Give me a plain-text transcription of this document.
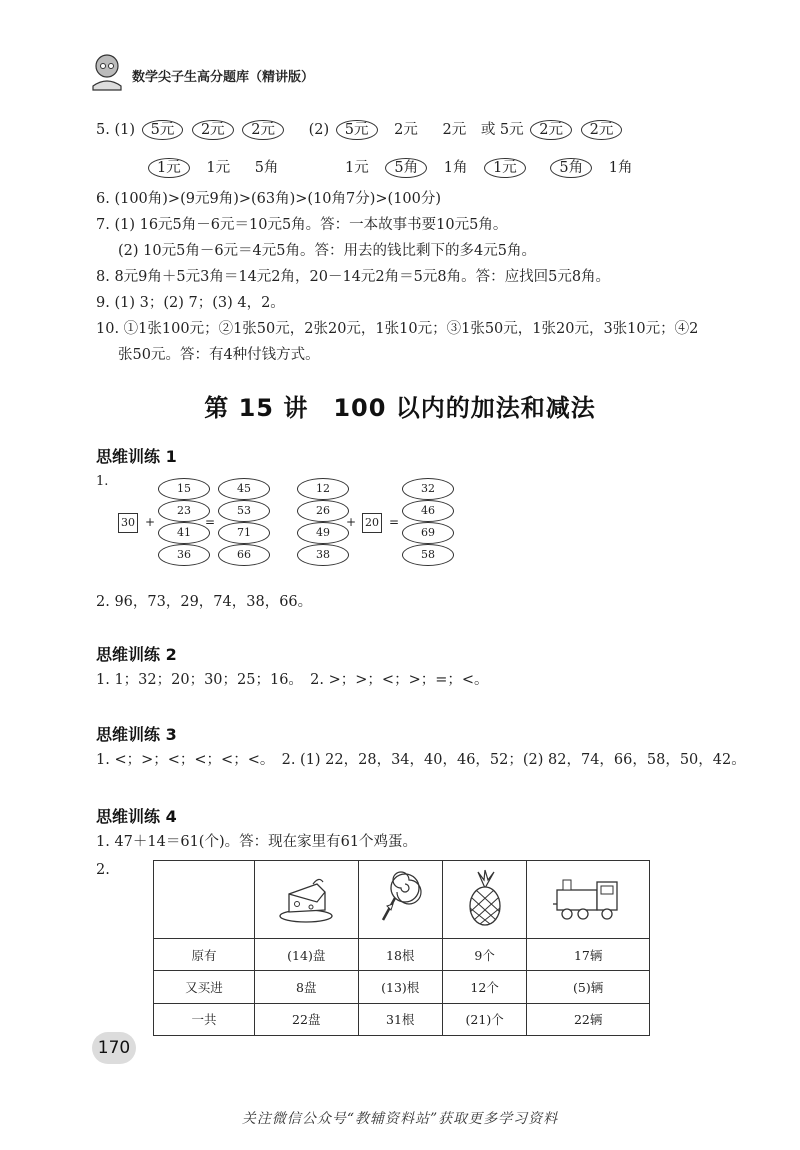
数学尖子生高分题库（精讲版）
5. (1) 5元 2元 2元 (2) 5元 2元 2元 或 5元 2元 2元
1元 1元 5角	1元 5角 1角 1元	5角 1角
6. (100角)>(9元9角)>(63角)>(10角7分)>(100分)
7. (1) 16元5角－6元＝10元5角。答：一本故事书要10元5角。
(2) 10元5角－6元＝4元5角。答：用去的钱比剩下的多4元5角。
8. 8元9角＋5元3角＝14元2角，20－14元2角＝5元8角。答：应找回5元8角。
9. (1) 3；(2) 7；(3) 4，2。
10. ①1张100元；②1张50元，2张20元，1张10元；③1张50元，1张20元，3张10元；④2
张50元。答：有4种付钱方式。
第 15 讲　100 以内的加法和减法
思维训练 1
1.
30 +
15
23
41
36
=
45
53
71
66
12
26
49
38
+ 20 =
32
46
69
58
2. 96，73，29，74，38，66。
思维训练 2
1. 1；32；20；30；25；16。　2. >；>；<；>；=；<。
思维训练 3
1. <；>；<；<；<；<。　2. (1) 22，28，34，40，46，52；(2) 82，74，66，58，50，42。
思维训练 4
1. 47＋14＝61(个)。答：现在家里有61个鸡蛋。
2.

原有	(14)盘	18根	9个	17辆
又买进	8盘	(13)根	12个	(5)辆
一共	22盘	31根	(21)个	22辆
170
关注微信公众号“教辅资料站”获取更多学习资料
